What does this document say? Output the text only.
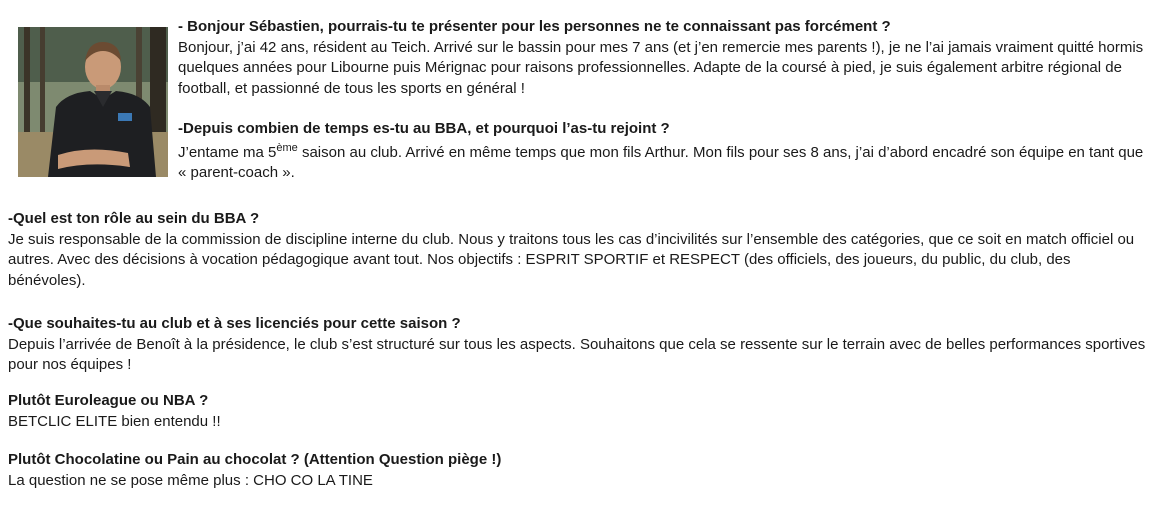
- Bonjour Sébastien, pourrais-tu te présenter pour les personnes ne te connaissant pas forcément ?

Bonjour, j’ai 42 ans, résident au Teich. Arrivé sur le bassin pour mes 7 ans (et j’en remercie mes parents !), je ne l’ai jamais vraiment quitté hormis quelques années pour Libourne puis Mérignac pour raisons professionnelles. Adapte de la coursé à pied, je suis également arbitre régional de football, et passionné de tous les sports en général !

-Depuis combien de temps es-tu au BBA, et pourquoi l’as-tu rejoint ?

J’entame ma 5ème saison au club. Arrivé en même temps que mon fils Arthur. Mon fils pour ses 8 ans, j’ai d’abord encadré son équipe en tant que « parent-coach ».

-Quel est ton rôle au sein du BBA ?

Je suis responsable de la commission de discipline interne du club. Nous y traitons tous les cas d’incivilités sur l’ensemble des catégories, que ce soit en match officiel ou autres. Avec des décisions à vocation pédagogique avant tout. Nos objectifs : ESPRIT SPORTIF et RESPECT (des officiels, des joueurs, du public, du club, des bénévoles).

-Que souhaites-tu au club et à ses licenciés pour cette saison ?

Depuis l’arrivée de Benoît à la présidence, le club s’est structuré sur tous les aspects. Souhaitons que cela se ressente sur le terrain avec de belles performances sportives pour nos équipes !

Plutôt Euroleague ou NBA ?

BETCLIC ELITE bien entendu !!

Plutôt Chocolatine ou Pain au chocolat ? (Attention Question piège !)

La question ne se pose même plus : CHO CO LA TINE
